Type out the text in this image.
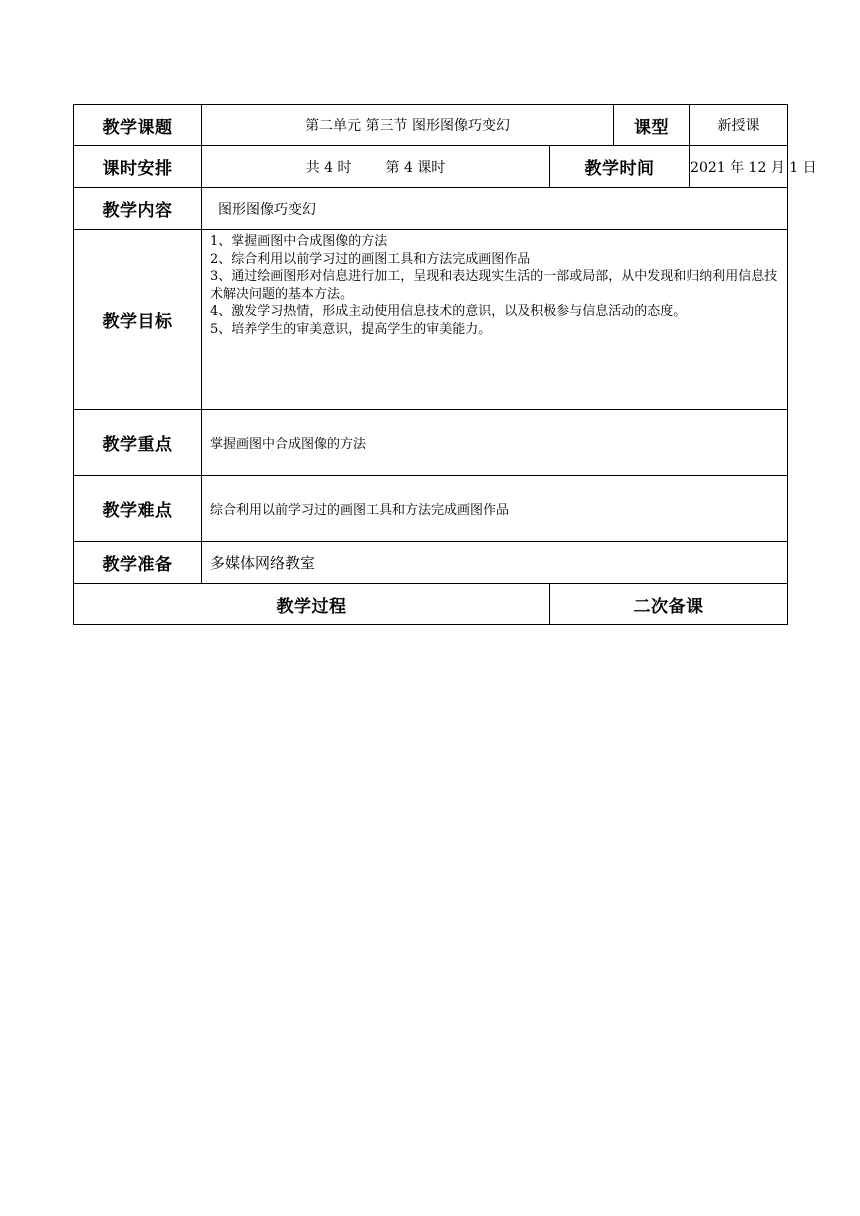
教学课题	第二单元 第三节 图形图像巧变幻		课型	新授课
课时安排	共 4 时 第 4 课时	教学时间		2021 年 12 月 1 日
教学内容	图形图像巧变幻			
教学目标	1、掌握画图中合成图像的方法
2、综合利用以前学习过的画图工具和方法完成画图作品
3、通过绘画图形对信息进行加工，呈现和表达现实生活的一部或局部，从中发现和归纳利用信息技术解决问题的基本方法。
4、激发学习热情，形成主动使用信息技术的意识，以及积极参与信息活动的态度。
5、培养学生的审美意识，提高学生的审美能力。			

教学重点	掌握画图中合成图像的方法			
教学难点	综合利用以前学习过的画图工具和方法完成画图作品			
教学准备	多媒体网络教室			
教学过程		二次备课		
